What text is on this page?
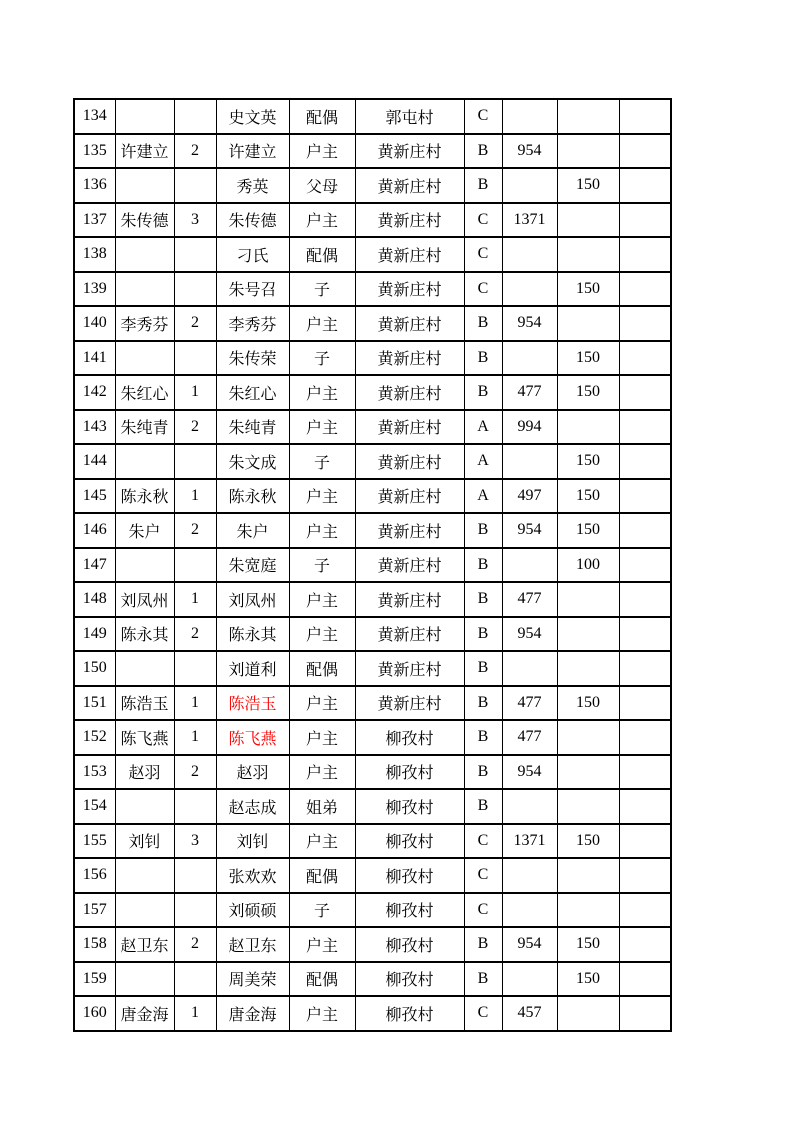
134			史文英	配偶	郭屯村	C			
135	许建立	2	许建立	户主	黄新庄村	B	954		
136			秀英	父母	黄新庄村	B		150	
137	朱传德	3	朱传德	户主	黄新庄村	C	1371		
138			刁氏	配偶	黄新庄村	C			
139			朱号召	子	黄新庄村	C		150	
140	李秀芬	2	李秀芬	户主	黄新庄村	B	954		
141			朱传荣	子	黄新庄村	B		150	
142	朱红心	1	朱红心	户主	黄新庄村	B	477	150	
143	朱纯青	2	朱纯青	户主	黄新庄村	A	994		
144			朱文成	子	黄新庄村	A		150	
145	陈永秋	1	陈永秋	户主	黄新庄村	A	497	150	
146	朱户	2	朱户	户主	黄新庄村	B	954	150	
147			朱宽庭	子	黄新庄村	B		100	
148	刘凤州	1	刘凤州	户主	黄新庄村	B	477		
149	陈永其	2	陈永其	户主	黄新庄村	B	954		
150			刘道利	配偶	黄新庄村	B			
151	陈浩玉	1	陈浩玉	户主	黄新庄村	B	477	150	
152	陈飞燕	1	陈飞燕	户主	柳孜村	B	477		
153	赵羽	2	赵羽	户主	柳孜村	B	954		
154			赵志成	姐弟	柳孜村	B			
155	刘钊	3	刘钊	户主	柳孜村	C	1371	150	
156			张欢欢	配偶	柳孜村	C			
157			刘硕硕	子	柳孜村	C			
158	赵卫东	2	赵卫东	户主	柳孜村	B	954	150	
159			周美荣	配偶	柳孜村	B		150	
160	唐金海	1	唐金海	户主	柳孜村	C	457		
